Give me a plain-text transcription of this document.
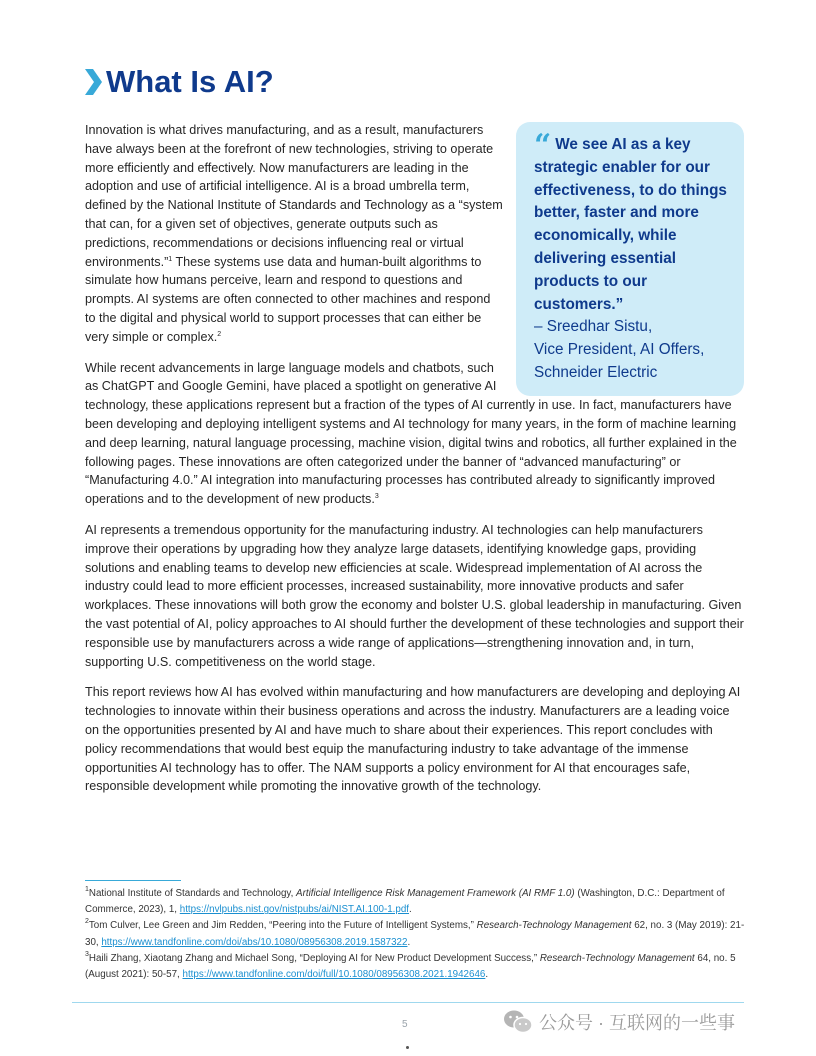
What Is AI?
“ We see AI as a key strategic enabler for our effectiveness, to do things better, faster and more economically, while delivering essential products to our customers.”
– Sreedhar Sistu,
Vice President, AI Offers,
Schneider Electric

Innovation is what drives manufacturing, and as a result, manufacturers have always been at the forefront of new technologies, striving to operate more efficiently and effectively. Now manufacturers are leading in the adoption and use of artificial intelligence. AI is a broad umbrella term, defined by the National Institute of Standards and Technology as a “system that can, for a given set of objectives, generate outputs such as predictions, recommendations or decisions influencing real or virtual environments.”$^1$ These systems use data and human-built algorithms to simulate how humans perceive, learn and respond to questions and prompts. AI systems are often connected to other machines and respond to the digital and physical world to support processes that can either be very simple or complex.$^2$

While recent advancements in large language models and chatbots, such as ChatGPT and Google Gemini, have placed a spotlight on generative AI technology, these applications represent but a fraction of the types of AI currently in use. In fact, manufacturers have been developing and deploying intelligent systems and AI technology for many years, in the form of machine learning and deep learning, natural language processing, machine vision, digital twins and robotics, all further explained in the following pages. These innovations are often categorized under the banner of “advanced manufacturing” or “Manufacturing 4.0.” AI integration into manufacturing processes has contributed already to significantly improved operations and to the development of new products.$^3$

AI represents a tremendous opportunity for the manufacturing industry. AI technologies can help manufacturers improve their operations by upgrading how they analyze large datasets, identifying knowledge gaps, providing solutions and enabling teams to develop new efficiencies at scale. Widespread implementation of AI across the industry could lead to more efficient processes, increased sustainability, more innovative products and safer workplaces. These innovations will both grow the economy and bolster U.S. global leadership in manufacturing. Given the vast potential of AI, policy approaches to AI should further the development of these technologies and support their responsible use by manufacturers across a wide range of applications—strengthening innovation and, in turn, supporting U.S. competitiveness on the world stage.

This report reviews how AI has evolved within manufacturing and how manufacturers are developing and deploying AI technologies to innovate within their business operations and across the industry. Manufacturers are a leading voice on the opportunities presented by AI and have much to share about their experiences. This report concludes with policy recommendations that would best equip the manufacturing industry to take advantage of the immense opportunities AI technology has to offer. The NAM supports a policy environment for AI that encourages safe, responsible development while promoting the innovative growth of the technology.

$^1$National Institute of Standards and Technology, Artificial Intelligence Risk Management Framework (AI RMF 1.0) (Washington, D.C.: Department of Commerce, 2023), 1, https://nvlpubs.nist.gov/nistpubs/ai/NIST.AI.100-1.pdf.

$^2$Tom Culver, Lee Green and Jim Redden, “Peering into the Future of Intelligent Systems,” Research-Technology Management 62, no. 3 (May 2019): 21-30, https://www.tandfonline.com/doi/abs/10.1080/08956308.2019.1587322.

$^3$Haili Zhang, Xiaotang Zhang and Michael Song, “Deploying AI for New Product Development Success,” Research-Technology Management 64, no. 5 (August 2021): 50-57, https://www.tandfonline.com/doi/full/10.1080/08956308.2021.1942646.

5	公众号 · 互联网的一些事
